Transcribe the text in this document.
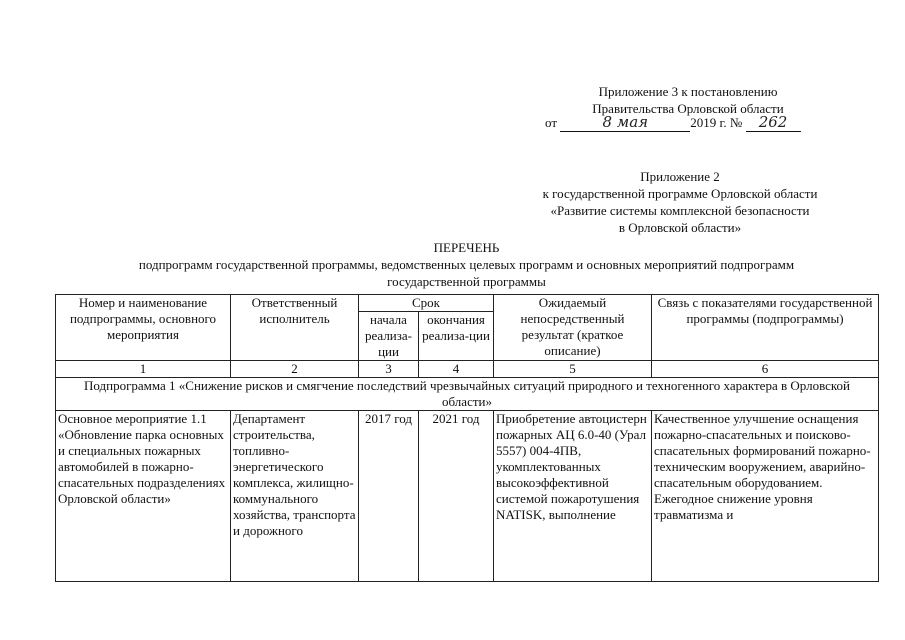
Приложение 3 к постановлению
Правительства Орловской области
от	8 мая	2019 г. № 262
Приложение 2
к государственной программе Орловской области
«Развитие системы комплексной безопасности
в Орловской области»
ПЕРЕЧЕНЬ
подпрограмм государственной программы, ведомственных целевых программ и основных мероприятий подпрограмм
государственной программы
Номер и наименование подпрограммы, основного мероприятия	Ответственный исполнитель	Срок		Ожидаемый непосредственный результат (краткое описание)	Связь с показателями государственной программы (подпрограммы)
		начала реализа-ции	окончания реализа-ции		
1	2	3	4	5	6
Подпрограмма 1 «Снижение рисков и смягчение последствий чрезвычайных ситуаций природного и техногенного характера в Орловской области»					
Основное мероприятие 1.1 «Обновление парка основных и специальных пожарных автомобилей в пожарно-спасательных подразделениях Орловской области»	Департамент строительства, топливно-энергетического комплекса, жилищно-коммунального хозяйства, транспорта и дорожного	2017 год	2021 год	Приобретение автоцистерн пожарных АЦ 6.0-40 (Урал 5557) 004-4ПВ, укомплектованных высокоэффективной системой пожаротушения NATISK, выполнение	Качественное улучшение оснащения пожарно-спасательных и поисково-спасательных формирований пожарно-техническим вооружением, аварийно-спасательным оборудованием. Ежегодное снижение уровня травматизма и
